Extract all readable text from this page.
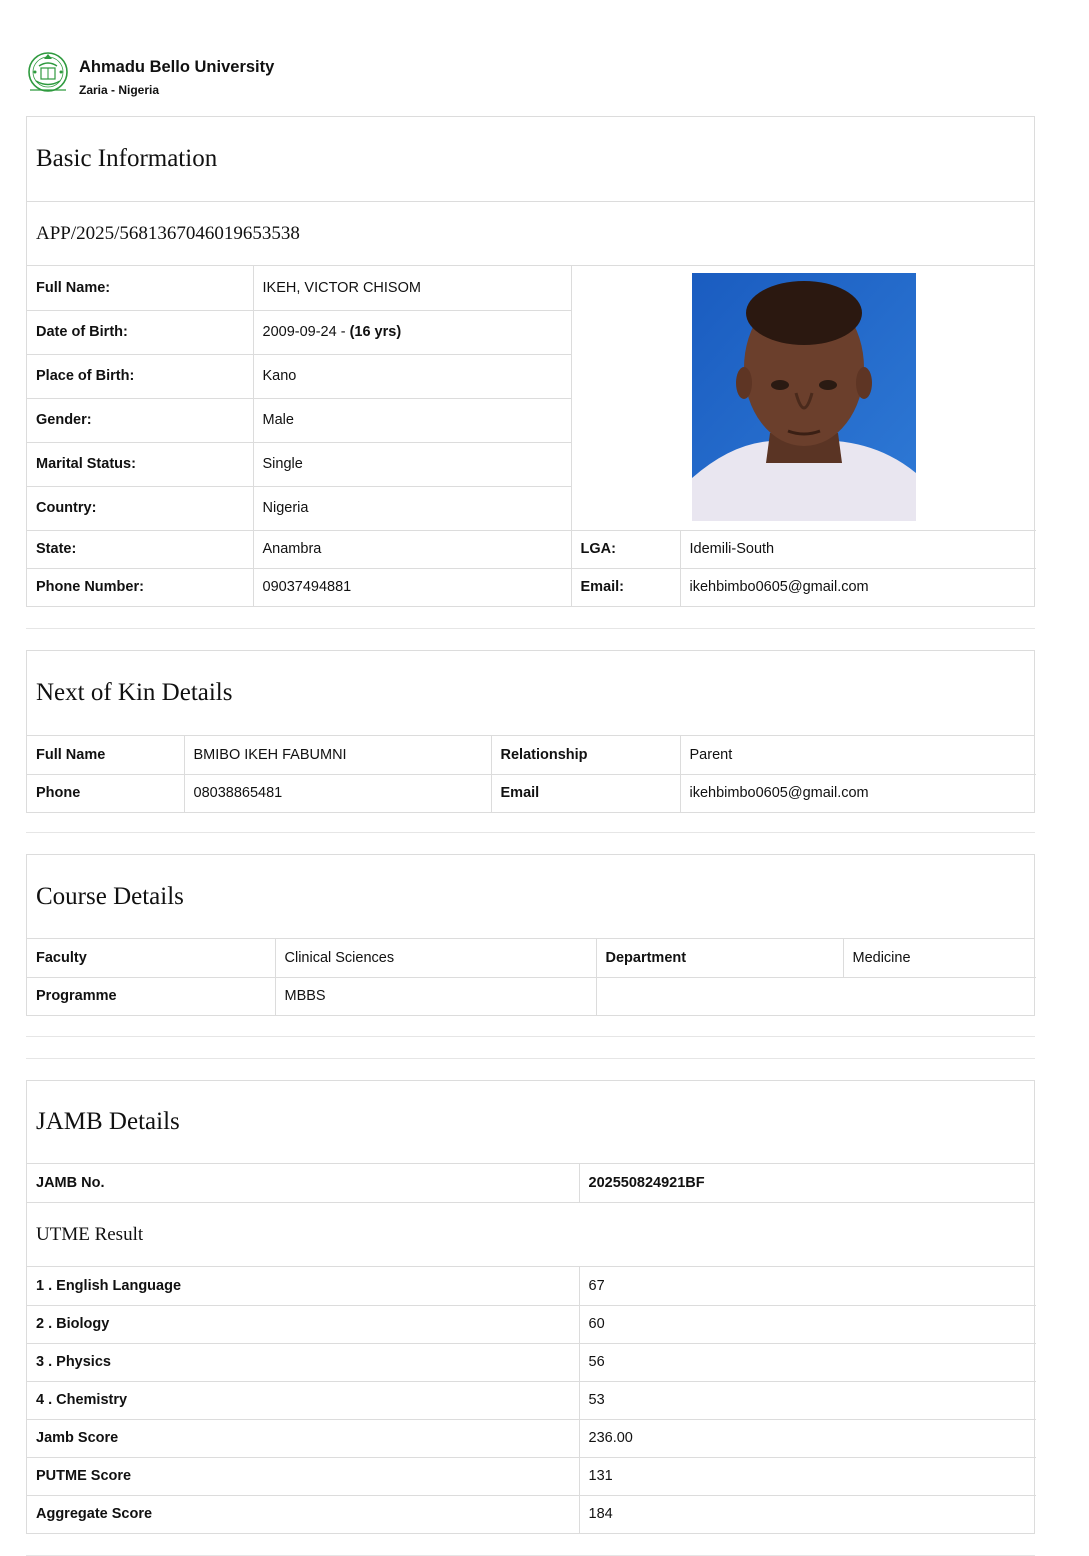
Ahmadu Bello University
Zaria - Nigeria
Basic Information
APP/2025/5681367046019653538
Full Name:	IKEH, VICTOR CHISOM	
Date of Birth:	2009-09-24 - (16 yrs)		
Place of Birth:	Kano		
Gender:	Male		
Marital Status:	Single		
Country:	Nigeria		
State:	Anambra	LGA:	Idemili-South
Phone Number:	09037494881	Email:	ikehbimbo0605@gmail.com
Next of Kin Details
Full Name	BMIBO IKEH FABUMNI	Relationship	Parent
Phone	08038865481	Email	ikehbimbo0605@gmail.com
Course Details
Faculty	Clinical Sciences	Department	Medicine
Programme	MBBS		
JAMB Details
JAMB No.	202550824921BF
UTME Result
1 . English Language	67
2 . Biology	60
3 . Physics	56
4 . Chemistry	53
Jamb Score	236.00
PUTME Score	131
Aggregate Score	184
